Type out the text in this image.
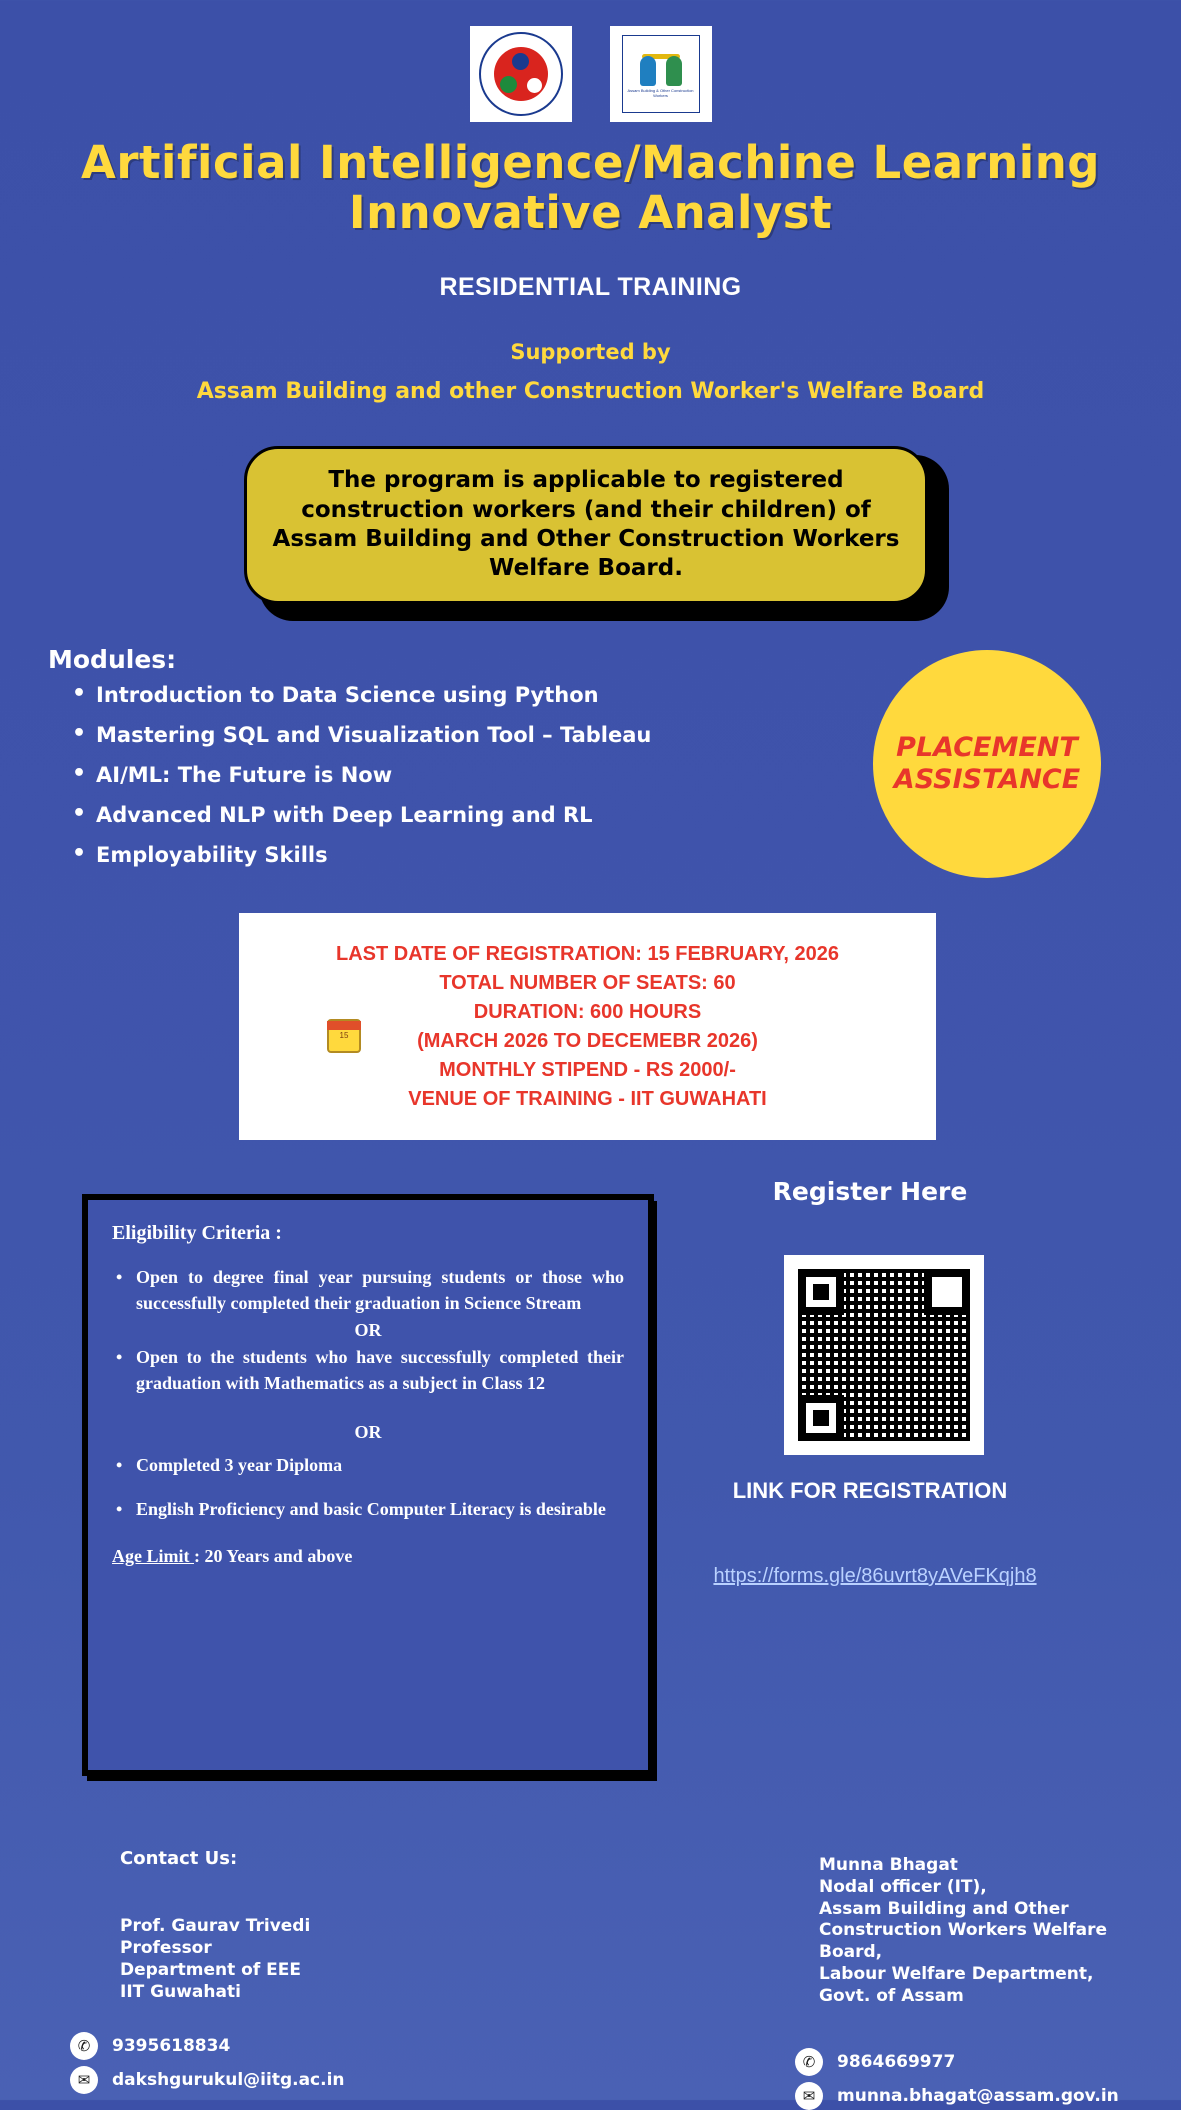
Assam Building & Other Construction Workers
Artificial Intelligence/Machine Learning Innovative Analyst
RESIDENTIAL TRAINING
Supported by
Assam Building and other Construction Worker's Welfare Board
The program is applicable to registered construction workers (and their children) of Assam Building and Other Construction Workers Welfare Board.
Modules:
• Introduction to Data Science using Python
• Mastering SQL and Visualization Tool – Tableau
• AI/ML: The Future is Now
• Advanced NLP with Deep Learning and RL
• Employability Skills
PLACEMENT ASSISTANCE

15
LAST DATE OF REGISTRATION: 15 FEBRUARY, 2026
TOTAL NUMBER OF SEATS: 60
DURATION: 600 HOURS
(MARCH 2026 TO DECEMEBR 2026)
MONTHLY STIPEND - RS 2000/-
VENUE OF TRAINING - IIT GUWAHATI
Eligibility Criteria :
• Open to degree final year pursuing students or those who successfully completed their graduation in Science Stream
OR
• Open to the students who have successfully completed their graduation with Mathematics as a subject in Class 12
OR
• Completed 3 year Diploma
• English Proficiency and basic Computer Literacy is desirable
Age Limit : 20 Years and above
Register Here
LINK FOR REGISTRATION
https://forms.gle/86uvrt8yAVeFKqjh8
Contact Us:
Prof. Gaurav Trivedi
Professor
Department of EEE
IIT Guwahati
✆	9395618834
✉	dakshgurukul@iitg.ac.in
Munna Bhagat
Nodal officer (IT),
Assam Building and Other
Construction Workers Welfare
Board,
Labour Welfare Department,
Govt. of Assam
✆	9864669977
✉	munna.bhagat@assam.gov.in
